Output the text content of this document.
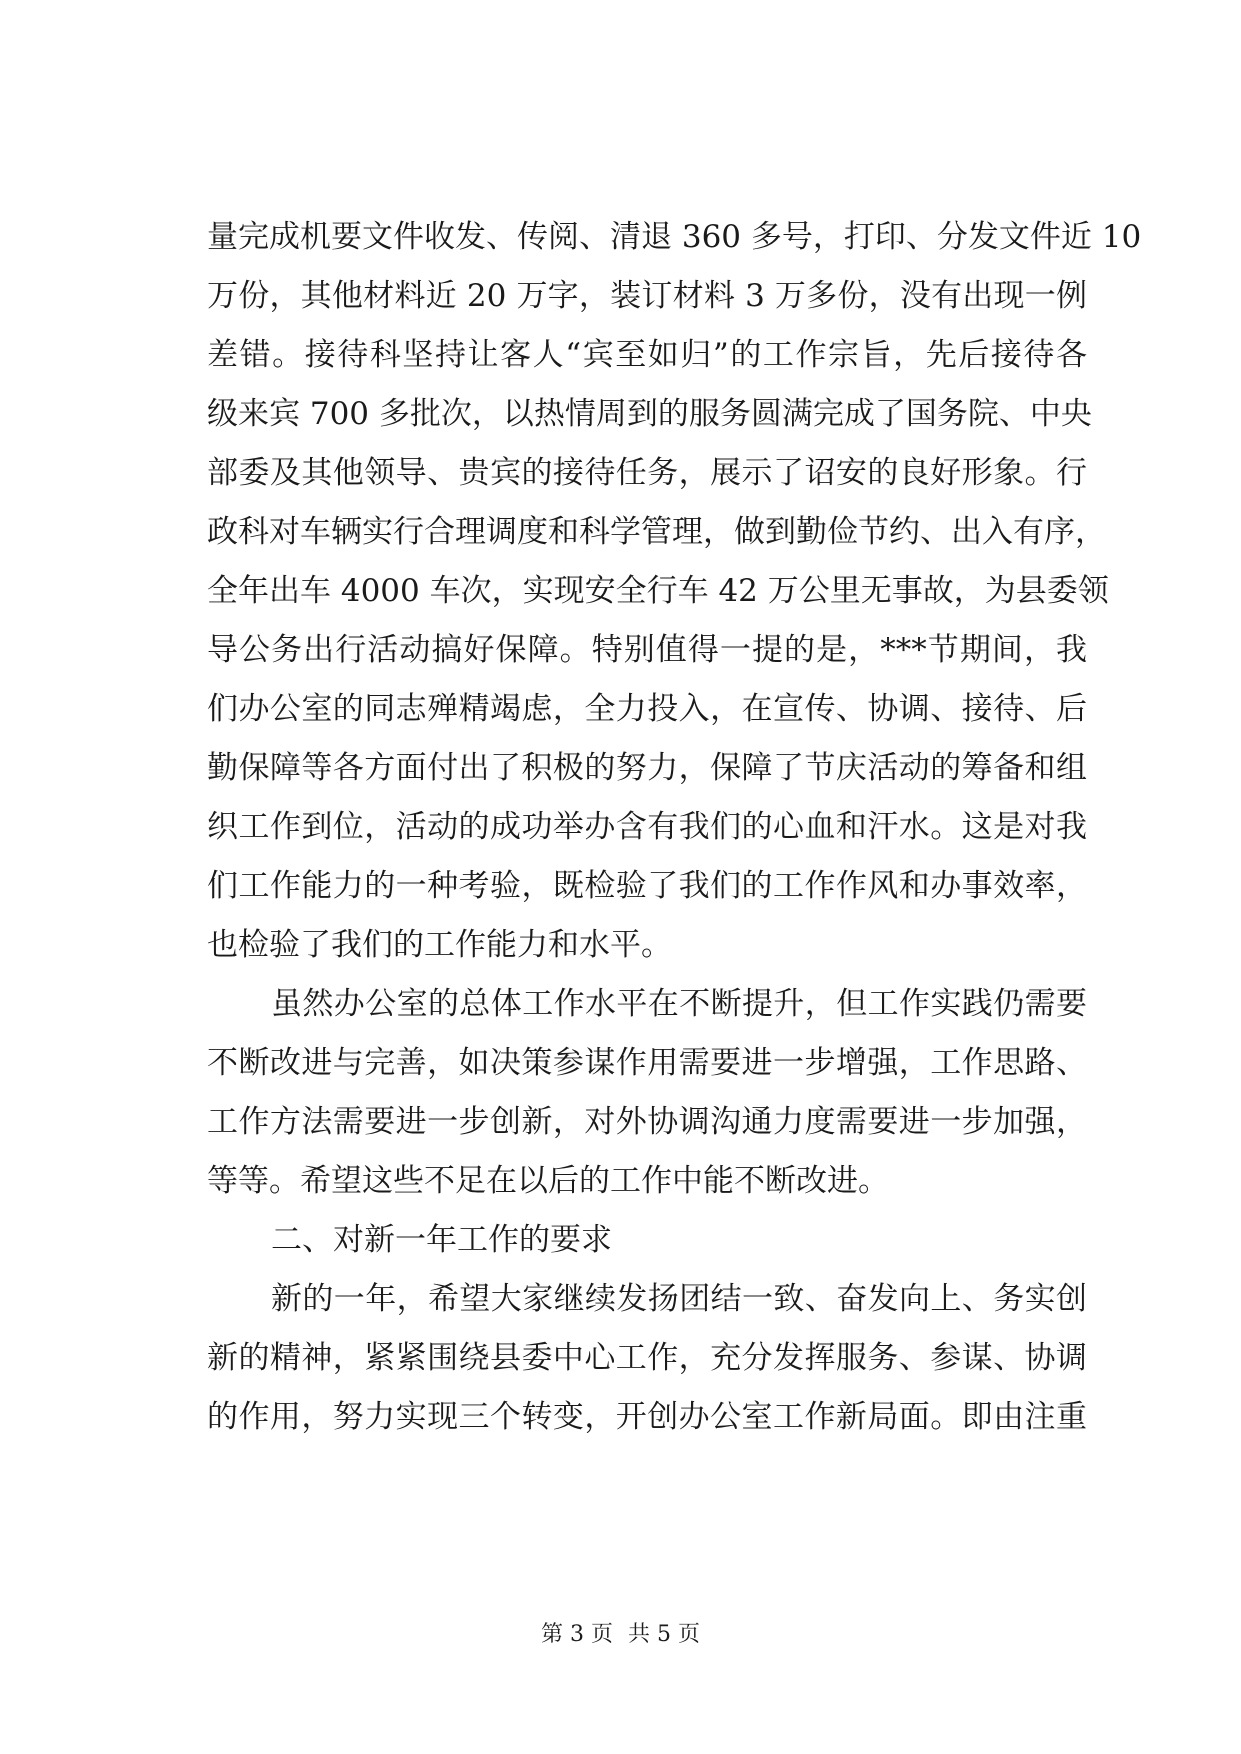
量完成机要文件收发、传阅、清退 360 多号，打印、分发文件近 10
万份，其他材料近 20 万字，装订材料 3 万多份，没有出现一例
差错。接待科坚持让客人“宾至如归”的工作宗旨，先后接待各
级来宾 700 多批次，以热情周到的服务圆满完成了国务院、中央
部委及其他领导、贵宾的接待任务，展示了诏安的良好形象。行
政科对车辆实行合理调度和科学管理，做到勤俭节约、出入有序，
全年出车 4000 车次，实现安全行车 42 万公里无事故，为县委领
导公务出行活动搞好保障。特别值得一提的是，***节期间，我
们办公室的同志殚精竭虑，全力投入，在宣传、协调、接待、后
勤保障等各方面付出了积极的努力，保障了节庆活动的筹备和组
织工作到位，活动的成功举办含有我们的心血和汗水。这是对我
们工作能力的一种考验，既检验了我们的工作作风和办事效率，
也检验了我们的工作能力和水平。
虽然办公室的总体工作水平在不断提升，但工作实践仍需要
不断改进与完善，如决策参谋作用需要进一步增强，工作思路、
工作方法需要进一步创新，对外协调沟通力度需要进一步加强，
等等。希望这些不足在以后的工作中能不断改进。
二、对新一年工作的要求
新的一年，希望大家继续发扬团结一致、奋发向上、务实创
新的精神，紧紧围绕县委中心工作，充分发挥服务、参谋、协调
的作用，努力实现三个转变，开创办公室工作新局面。即由注重
第 3 页 共 5 页
